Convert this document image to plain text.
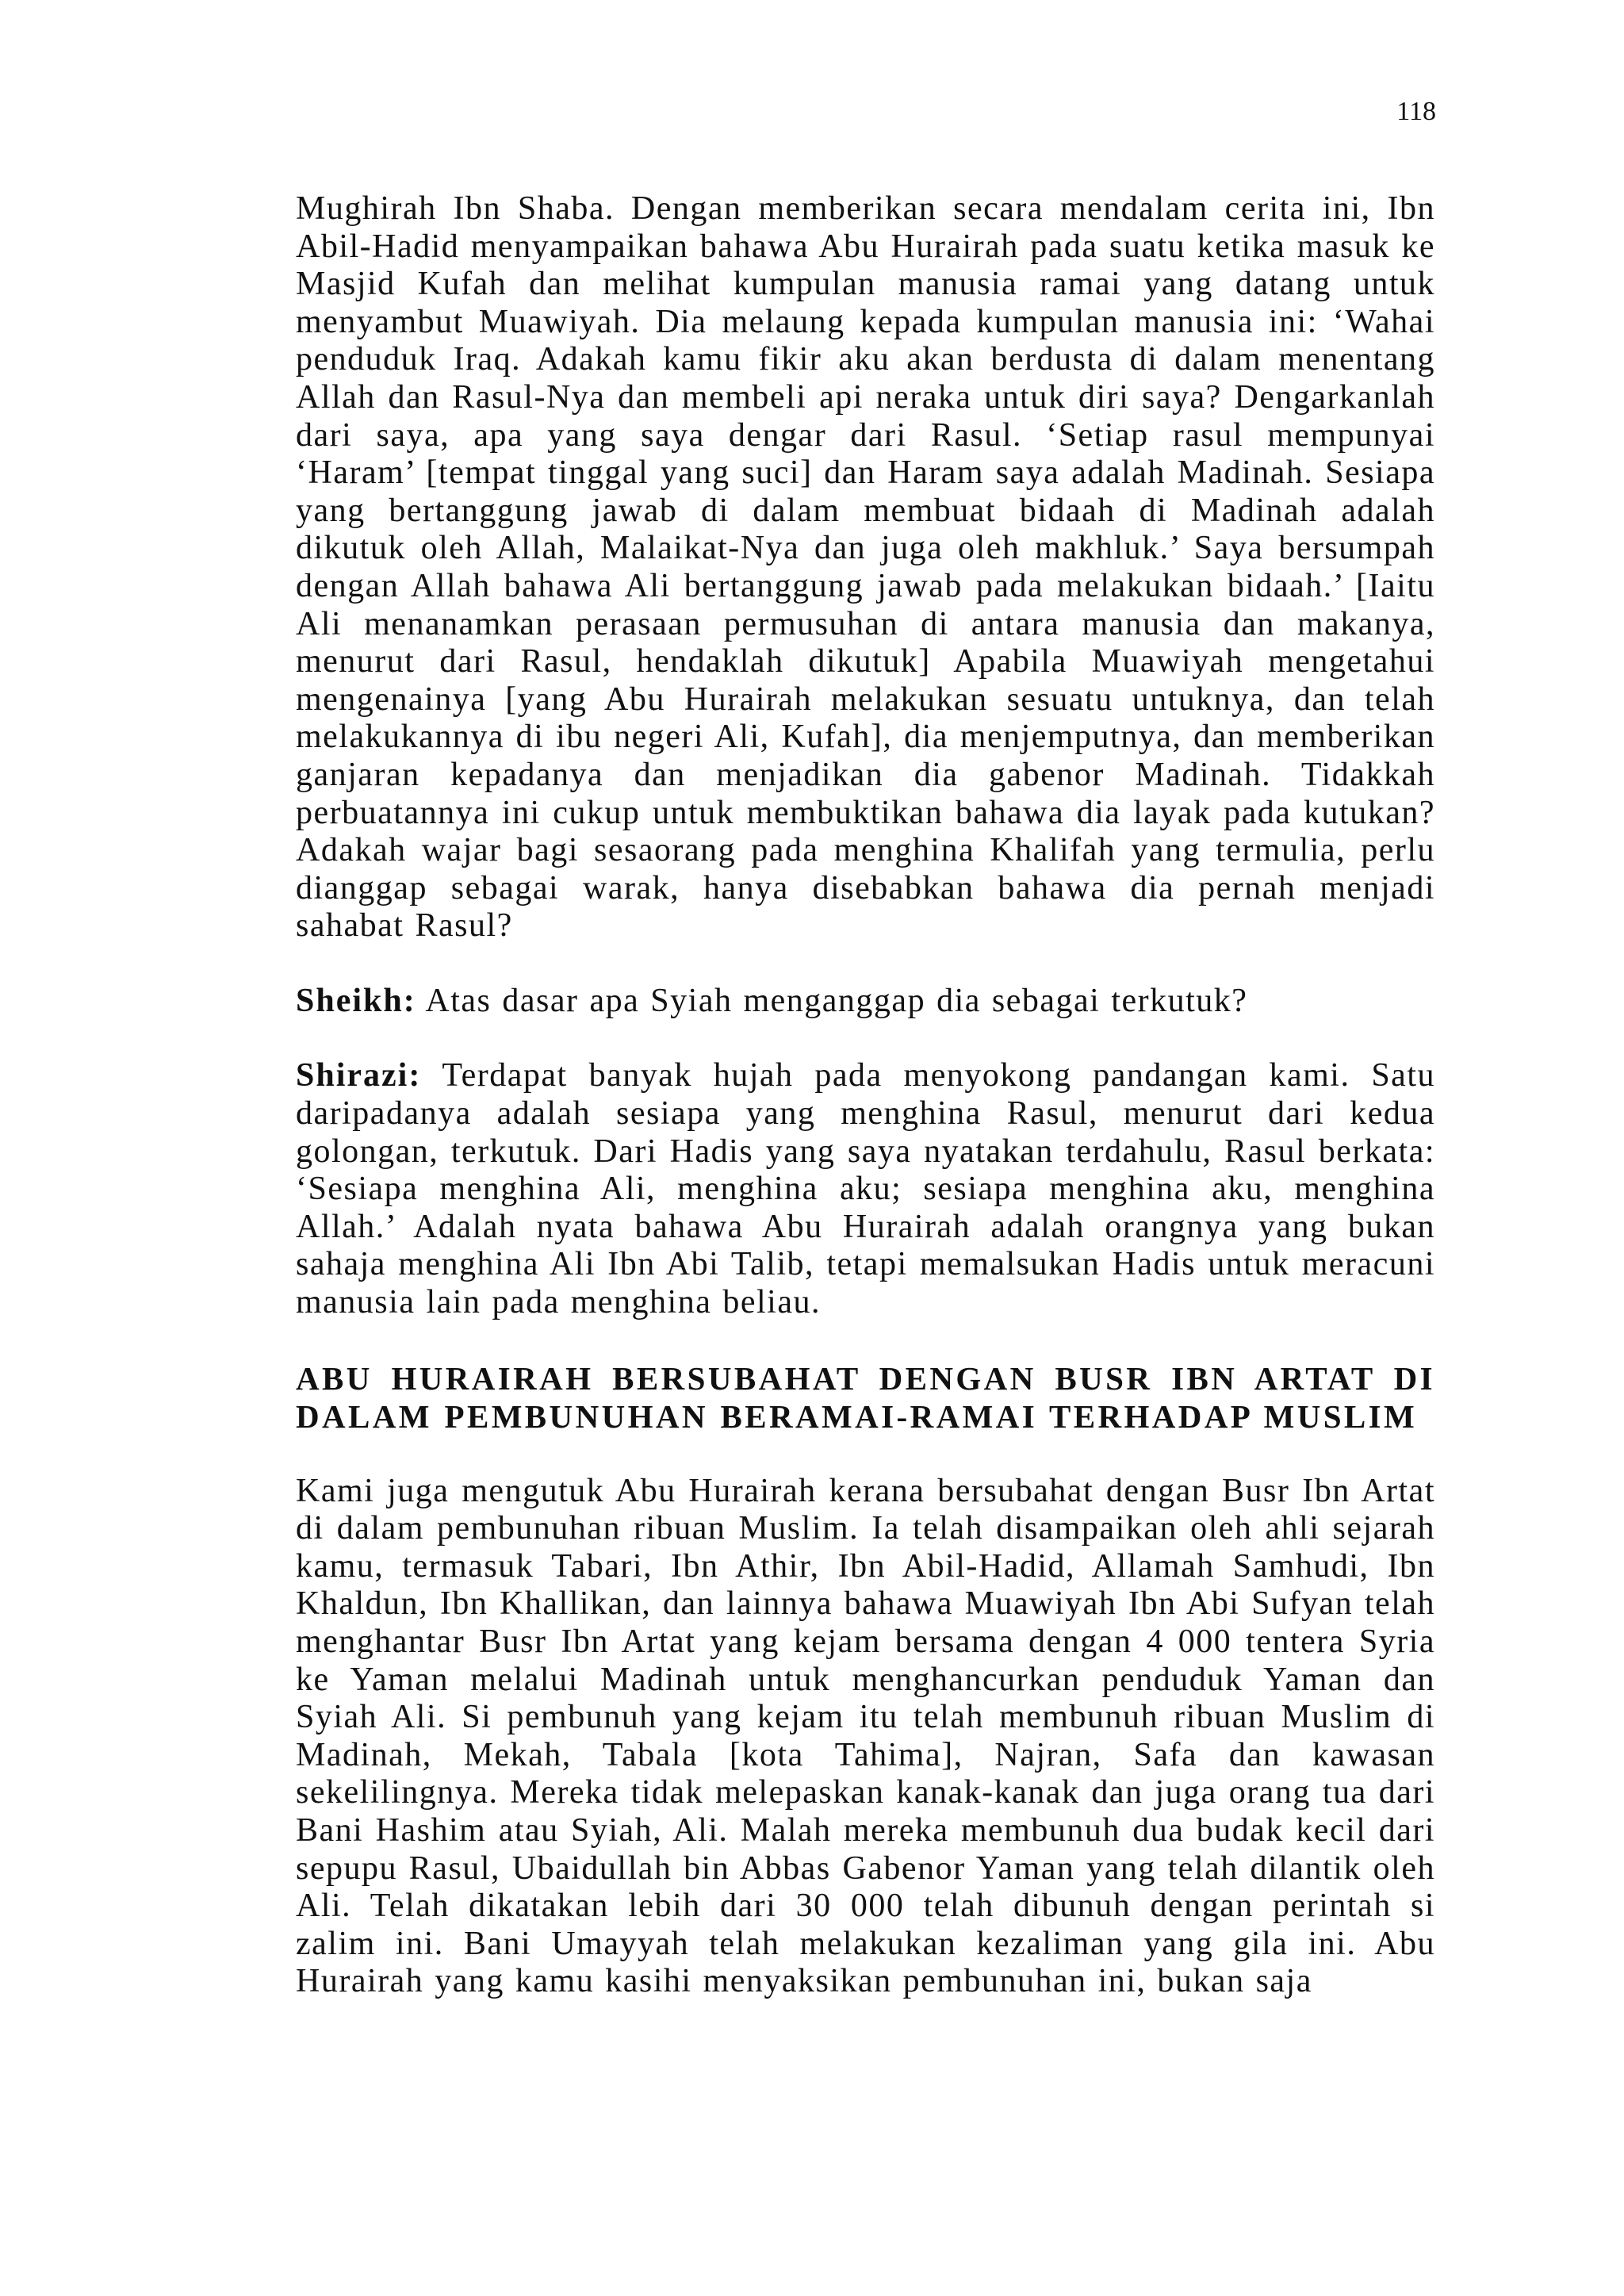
118

Mughirah Ibn Shaba. Dengan memberikan secara mendalam cerita ini, Ibn Abil-Hadid menyampaikan bahawa Abu Hurairah pada suatu ketika masuk ke Masjid Kufah dan melihat kumpulan manusia ramai yang datang untuk menyambut Muawiyah. Dia melaung kepada kumpulan manusia ini: ‘Wahai penduduk Iraq. Adakah kamu fikir aku akan berdusta di dalam menentang Allah dan Rasul-Nya dan membeli api neraka untuk diri saya? Dengarkanlah dari saya, apa yang saya dengar dari Rasul. ‘Setiap rasul mempunyai ‘Haram’ [tempat tinggal yang suci] dan Haram saya adalah Madinah. Sesiapa yang bertanggung jawab di dalam membuat bidaah di Madinah adalah dikutuk oleh Allah, Malaikat-Nya dan juga oleh makhluk.’ Saya bersumpah dengan Allah bahawa Ali bertanggung jawab pada melakukan bidaah.’ [Iaitu Ali menanamkan perasaan permusuhan di antara manusia dan makanya, menurut dari Rasul, hendaklah dikutuk] Apabila Muawiyah mengetahui mengenainya [yang Abu Hurairah melakukan sesuatu untuknya, dan telah melakukannya di ibu negeri Ali, Kufah], dia menjemputnya, dan memberikan ganjaran kepadanya dan menjadikan dia gabenor Madinah. Tidakkah perbuatannya ini cukup untuk membuktikan bahawa dia layak pada kutukan? Adakah wajar bagi sesaorang pada menghina Khalifah yang termulia, perlu dianggap sebagai warak, hanya disebabkan bahawa dia pernah menjadi sahabat Rasul?

Sheikh: Atas dasar apa Syiah menganggap dia sebagai terkutuk?

Shirazi: Terdapat banyak hujah pada menyokong pandangan kami. Satu daripadanya adalah sesiapa yang menghina Rasul, menurut dari kedua golongan, terkutuk. Dari Hadis yang saya nyatakan terdahulu, Rasul berkata: ‘Sesiapa menghina Ali, menghina aku; sesiapa menghina aku, menghina Allah.’ Adalah nyata bahawa Abu Hurairah adalah orangnya yang bukan sahaja menghina Ali Ibn Abi Talib, tetapi memalsukan Hadis untuk meracuni manusia lain pada menghina beliau.

ABU HURAIRAH BERSUBAHAT DENGAN BUSR IBN ARTAT DI DALAM PEMBUNUHAN BERAMAI-RAMAI TERHADAP MUSLIM

Kami juga mengutuk Abu Hurairah kerana bersubahat dengan Busr Ibn Artat di dalam pembunuhan ribuan Muslim. Ia telah disampaikan oleh ahli sejarah kamu, termasuk Tabari, Ibn Athir, Ibn Abil-Hadid, Allamah Samhudi, Ibn Khaldun, Ibn Khallikan, dan lainnya bahawa Muawiyah Ibn Abi Sufyan telah menghantar Busr Ibn Artat yang kejam bersama dengan 4 000 tentera Syria ke Yaman melalui Madinah untuk menghancurkan penduduk Yaman dan Syiah Ali. Si pembunuh yang kejam itu telah membunuh ribuan Muslim di Madinah, Mekah, Tabala [kota Tahima], Najran, Safa dan kawasan sekelilingnya. Mereka tidak melepaskan kanak-kanak dan juga orang tua dari Bani Hashim atau Syiah, Ali. Malah mereka membunuh dua budak kecil dari sepupu Rasul, Ubaidullah bin Abbas Gabenor Yaman yang telah dilantik oleh Ali. Telah dikatakan lebih dari 30 000 telah dibunuh dengan perintah si zalim ini. Bani Umayyah telah melakukan kezaliman yang gila ini. Abu Hurairah yang kamu kasihi menyaksikan pembunuhan ini, bukan saja
